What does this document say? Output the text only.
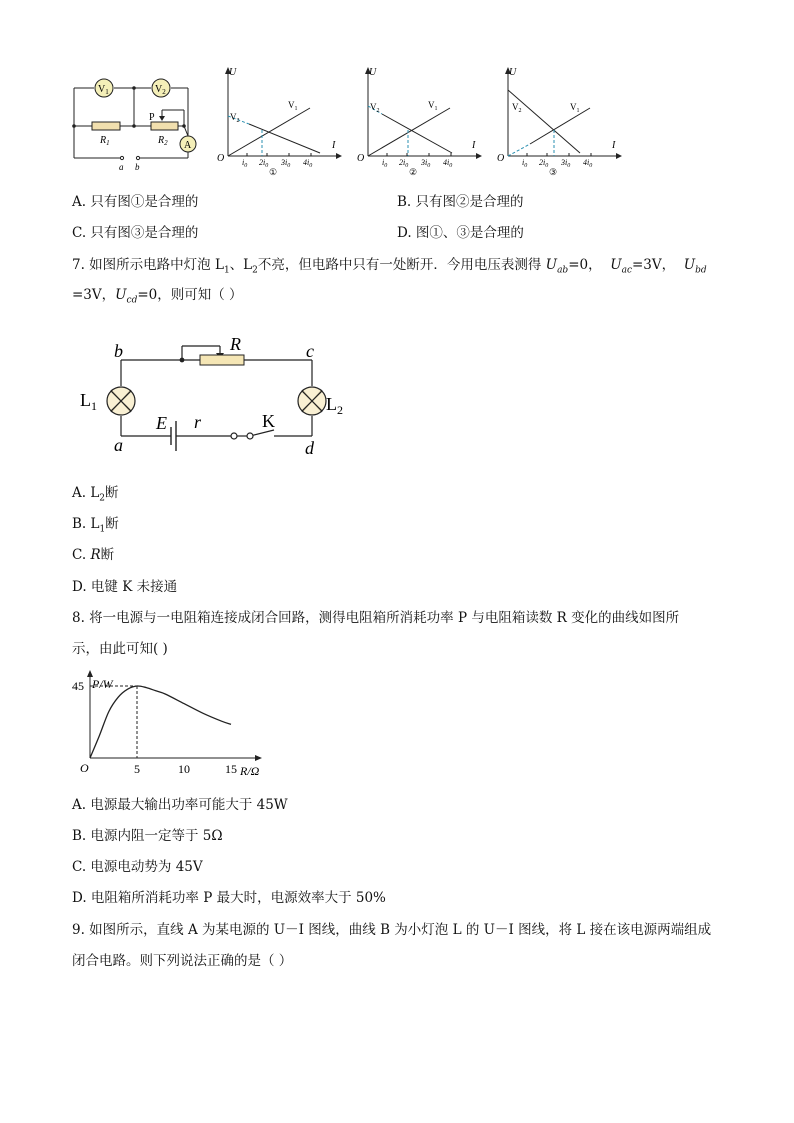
$V_1$	$V_2$
A
P
$R_1$	$R_2$
a b
U
I
O $i_0$ $2i_0$ $3i_0$ $4i_0$
$V_1$
$V_2$
①
U
I
O $i_0$ $2i_0$ $3i_0$ $4i_0$
$V_1$
$V_2$
②
U
I
O $i_0$ $2i_0$ $3i_0$ $4i_0$
$V_1$
$V_2$
③
A. 只有图①是合理的	B. 只有图②是合理的
C. 只有图③是合理的	D. 图①、③是合理的
7. 如图所示电路中灯泡 $L_1$、$L_2$不亮，但电路中只有一处断开．今用电压表测得 $U_{ab}=0$， $U_{ac}=3V$， $U_{bd}$
=3V，$U_{cd}=0$，则可知（ ）
b	c
a	d
R
E r	K
$L_1$	$L_2$
A. $L_2$断
B. $L_1$断
C. R断
D. 电键 K 未接通
8. 将一电源与一电阻箱连接成闭合回路，测得电阻箱所消耗功率 P 与电阻箱读数 R 变化的曲线如图所
示，由此可知( )
P/W
R/Ω
O	5	10	15
45
A. 电源最大输出功率可能大于 45W
B. 电源内阻一定等于 5Ω
C. 电源电动势为 45V
D. 电阻箱所消耗功率 P 最大时，电源效率大于 50%
9. 如图所示，直线 A 为某电源的 U－I 图线，曲线 B 为小灯泡 L 的 U－I 图线，将 L 接在该电源两端组成
闭合电路。则下列说法正确的是（ ）
